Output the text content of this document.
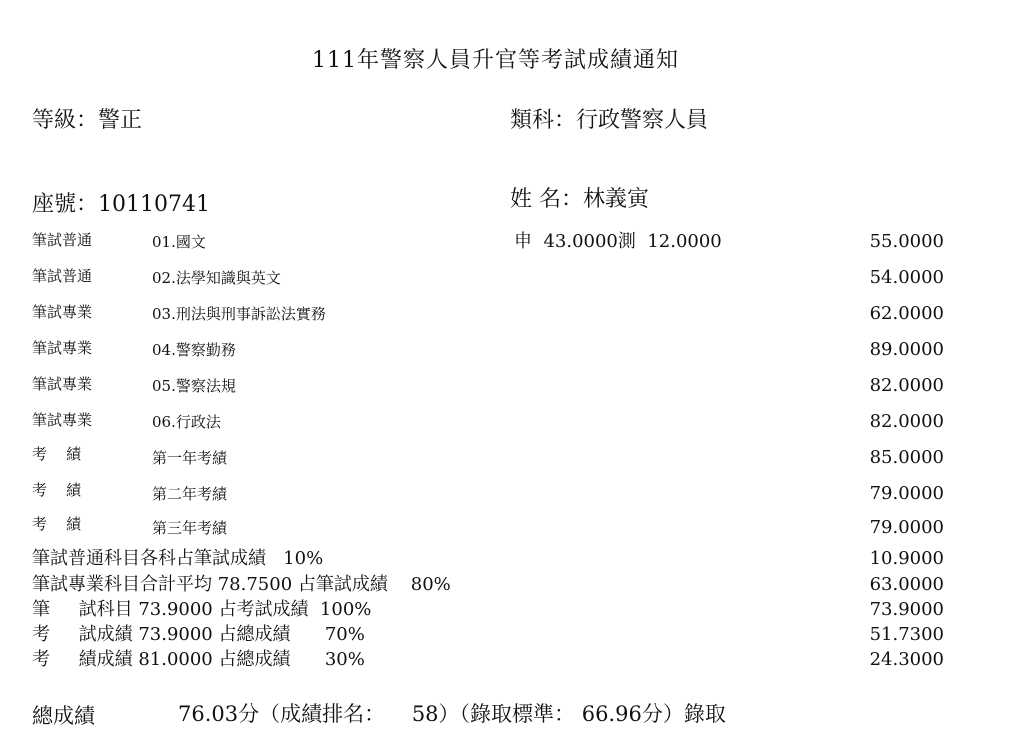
111年警察人員升官等考試成績通知
等級：警正	類科：行政警察人員
座號：10110741	姓 名：林義寅
筆試普通	01.國文	申  43.0000測  12.0000	55.0000
筆試普通	02.法學知識與英文	54.0000
筆試專業	03.刑法與刑事訴訟法實務	62.0000
筆試專業	04.警察勤務	89.0000
筆試專業	05.警察法規	82.0000
筆試專業	06.行政法	82.0000
考    績	第一年考績	85.0000
考    績	第二年考績	79.0000
考    績	第三年考績	79.0000
筆試普通科目各科占筆試成績   10%	10.9000
筆試專業科目合計平均 78.7500 占筆試成績    80%	63.0000
筆     試科目 73.9000 占考試成績  100%	73.9000
考     試成績 73.9000 占總成績      70%	51.7300
考     績成績 81.0000 占總成績      30%	24.3000
總成績	76.03分（成績排名：    58）（錄取標準： 66.96分）錄取
